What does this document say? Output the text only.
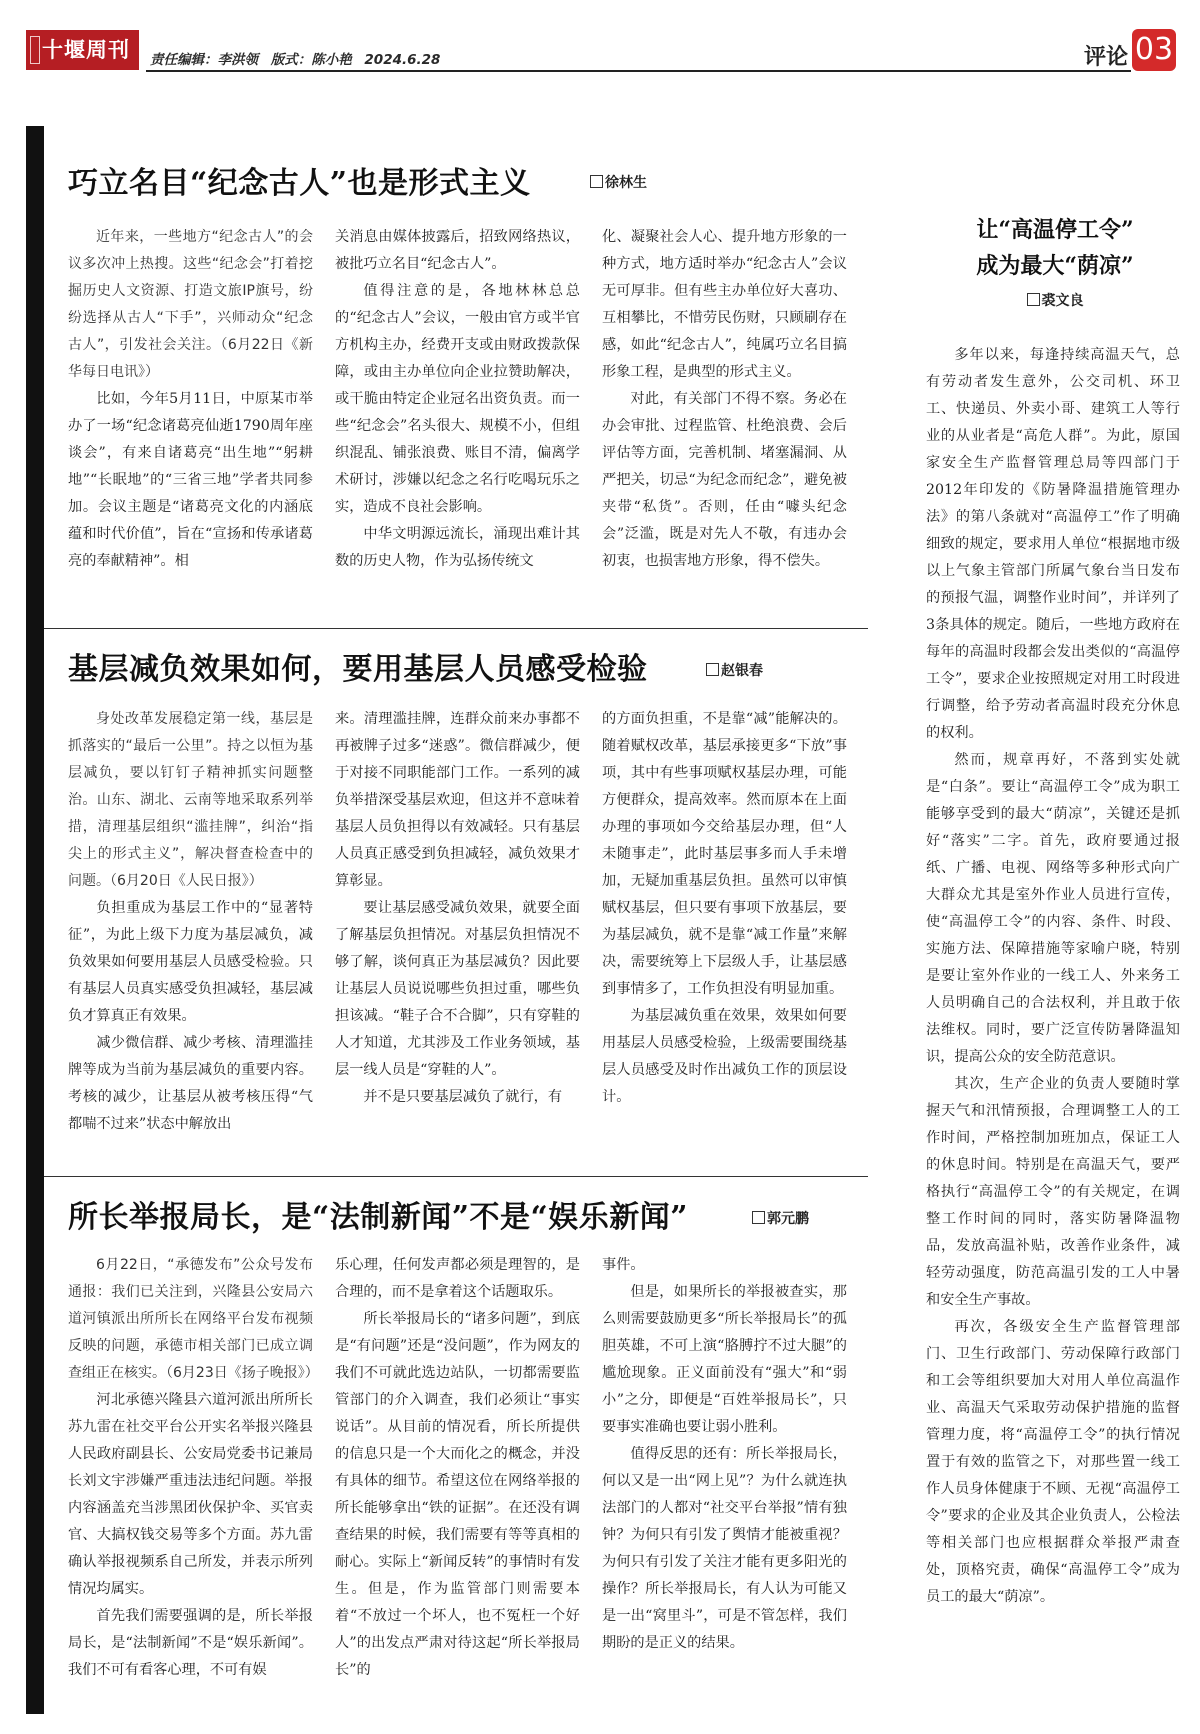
十堰周刊 责任编辑：李洪领 版式：陈小艳 2024.6.28	评论 03
巧立名目“纪念古人”也是形式主义	徐林生

近年来，一些地方“纪念古人”的会议多次冲上热搜。这些“纪念会”打着挖掘历史人文资源、打造文旅IP旗号，纷纷选择从古人“下手”，兴师动众“纪念古人”，引发社会关注。（6月22日《新华每日电讯》）

比如，今年5月11日，中原某市举办了一场“纪念诸葛亮仙逝1790周年座谈会”，有来自诸葛亮“出生地”“躬耕地”“长眠地”的“三省三地”学者共同参加。会议主题是“诸葛亮文化的内涵底蕴和时代价值”，旨在“宣扬和传承诸葛亮的奉献精神”。相

关消息由媒体披露后，招致网络热议，被批巧立名目“纪念古人”。

值得注意的是，各地林林总总的“纪念古人”会议，一般由官方或半官方机构主办，经费开支或由财政拨款保障，或由主办单位向企业拉赞助解决，或干脆由特定企业冠名出资负责。而一些“纪念会”名头很大、规模不小，但组织混乱、铺张浪费、账目不清，偏离学术研讨，涉嫌以纪念之名行吃喝玩乐之实，造成不良社会影响。

中华文明源远流长，涌现出难计其数的历史人物，作为弘扬传统文

化、凝聚社会人心、提升地方形象的一种方式，地方适时举办“纪念古人”会议无可厚非。但有些主办单位好大喜功、互相攀比，不惜劳民伤财，只顾刷存在感，如此“纪念古人”，纯属巧立名目搞形象工程，是典型的形式主义。

对此，有关部门不得不察。务必在办会审批、过程监管、杜绝浪费、会后评估等方面，完善机制、堵塞漏洞、从严把关，切忌“为纪念而纪念”，避免被夹带“私货”。否则，任由“噱头纪念会”泛滥，既是对先人不敬，有违办会初衷，也损害地方形象，得不偿失。

基层减负效果如何，要用基层人员感受检验	赵银春

身处改革发展稳定第一线，基层是抓落实的“最后一公里”。持之以恒为基层减负，要以钉钉子精神抓实问题整治。山东、湖北、云南等地采取系列举措，清理基层组织“滥挂牌”，纠治“指尖上的形式主义”，解决督查检查中的问题。（6月20日《人民日报》）

负担重成为基层工作中的“显著特征”，为此上级下力度为基层减负，减负效果如何要用基层人员感受检验。只有基层人员真实感受负担减轻，基层减负才算真正有效果。

减少微信群、减少考核、清理滥挂牌等成为当前为基层减负的重要内容。考核的减少，让基层从被考核压得“气都喘不过来”状态中解放出

来。清理滥挂牌，连群众前来办事都不再被牌子过多“迷惑”。微信群减少，便于对接不同职能部门工作。一系列的减负举措深受基层欢迎，但这并不意味着基层人员负担得以有效减轻。只有基层人员真正感受到负担减轻，减负效果才算彰显。

要让基层感受减负效果，就要全面了解基层负担情况。对基层负担情况不够了解，谈何真正为基层减负？因此要让基层人员说说哪些负担过重，哪些负担该减。“鞋子合不合脚”，只有穿鞋的人才知道，尤其涉及工作业务领域，基层一线人员是“穿鞋的人”。

并不是只要基层减负了就行，有

的方面负担重，不是靠“减”能解决的。随着赋权改革，基层承接更多“下放”事项，其中有些事项赋权基层办理，可能方便群众，提高效率。然而原本在上面办理的事项如今交给基层办理，但“人未随事走”，此时基层事多而人手未增加，无疑加重基层负担。虽然可以审慎赋权基层，但只要有事项下放基层，要为基层减负，就不是靠“减工作量”来解决，需要统筹上下层级人手，让基层感到事情多了，工作负担没有明显加重。

为基层减负重在效果，效果如何要用基层人员感受检验，上级需要围绕基层人员感受及时作出减负工作的顶层设计。

所长举报局长，是“法制新闻”不是“娱乐新闻”	郭元鹏

6月22日，“承德发布”公众号发布通报：我们已关注到，兴隆县公安局六道河镇派出所所长在网络平台发布视频反映的问题，承德市相关部门已成立调查组正在核实。（6月23日《扬子晚报》）

河北承德兴隆县六道河派出所所长苏九雷在社交平台公开实名举报兴隆县人民政府副县长、公安局党委书记兼局长刘文宇涉嫌严重违法违纪问题。举报内容涵盖充当涉黑团伙保护伞、买官卖官、大搞权钱交易等多个方面。苏九雷确认举报视频系自己所发，并表示所列情况均属实。

首先我们需要强调的是，所长举报局长，是“法制新闻”不是“娱乐新闻”。我们不可有看客心理，不可有娱

乐心理，任何发声都必须是理智的，是合理的，而不是拿着这个话题取乐。

所长举报局长的“诸多问题”，到底是“有问题”还是“没问题”，作为网友的我们不可就此选边站队，一切都需要监管部门的介入调查，我们必须让“事实说话”。从目前的情况看，所长所提供的信息只是一个大而化之的概念，并没有具体的细节。希望这位在网络举报的所长能够拿出“铁的证据”。在还没有调查结果的时候，我们需要有等等真相的耐心。实际上“新闻反转”的事情时有发生。但是，作为监管部门则需要本着“不放过一个坏人，也不冤枉一个好人”的出发点严肃对待这起“所长举报局长”的

事件。

但是，如果所长的举报被查实，那么则需要鼓励更多“所长举报局长”的孤胆英雄，不可上演“胳膊拧不过大腿”的尴尬现象。正义面前没有“强大”和“弱小”之分，即便是“百姓举报局长”，只要事实准确也要让弱小胜利。

值得反思的还有：所长举报局长，何以又是一出“网上见”？为什么就连执法部门的人都对“社交平台举报”情有独钟？为何只有引发了舆情才能被重视？为何只有引发了关注才能有更多阳光的操作？所长举报局长，有人认为可能又是一出“窝里斗”，可是不管怎样，我们期盼的是正义的结果。

让“高温停工令”
成为最大“荫凉”
裘文良

多年以来，每逢持续高温天气，总有劳动者发生意外，公交司机、环卫工、快递员、外卖小哥、建筑工人等行业的从业者是“高危人群”。为此，原国家安全生产监督管理总局等四部门于2012年印发的《防暑降温措施管理办法》的第八条就对“高温停工”作了明确细致的规定，要求用人单位“根据地市级以上气象主管部门所属气象台当日发布的预报气温，调整作业时间”，并详列了3条具体的规定。随后，一些地方政府在每年的高温时段都会发出类似的“高温停工令”，要求企业按照规定对用工时段进行调整，给予劳动者高温时段充分休息的权利。

然而，规章再好，不落到实处就是“白条”。要让“高温停工令”成为职工能够享受到的最大“荫凉”，关键还是抓好“落实”二字。首先，政府要通过报纸、广播、电视、网络等多种形式向广大群众尤其是室外作业人员进行宣传，使“高温停工令”的内容、条件、时段、实施方法、保障措施等家喻户晓，特别是要让室外作业的一线工人、外来务工人员明确自己的合法权利，并且敢于依法维权。同时，要广泛宣传防暑降温知识，提高公众的安全防范意识。

其次，生产企业的负责人要随时掌握天气和汛情预报，合理调整工人的工作时间，严格控制加班加点，保证工人的休息时间。特别是在高温天气，要严格执行“高温停工令”的有关规定，在调整工作时间的同时，落实防暑降温物品，发放高温补贴，改善作业条件，减轻劳动强度，防范高温引发的工人中暑和安全生产事故。

再次，各级安全生产监督管理部门、卫生行政部门、劳动保障行政部门和工会等组织要加大对用人单位高温作业、高温天气采取劳动保护措施的监督管理力度，将“高温停工令”的执行情况置于有效的监管之下，对那些置一线工作人员身体健康于不顾、无视“高温停工令”要求的企业及其企业负责人，公检法等相关部门也应根据群众举报严肃查处，顶格究责，确保“高温停工令”成为员工的最大“荫凉”。
